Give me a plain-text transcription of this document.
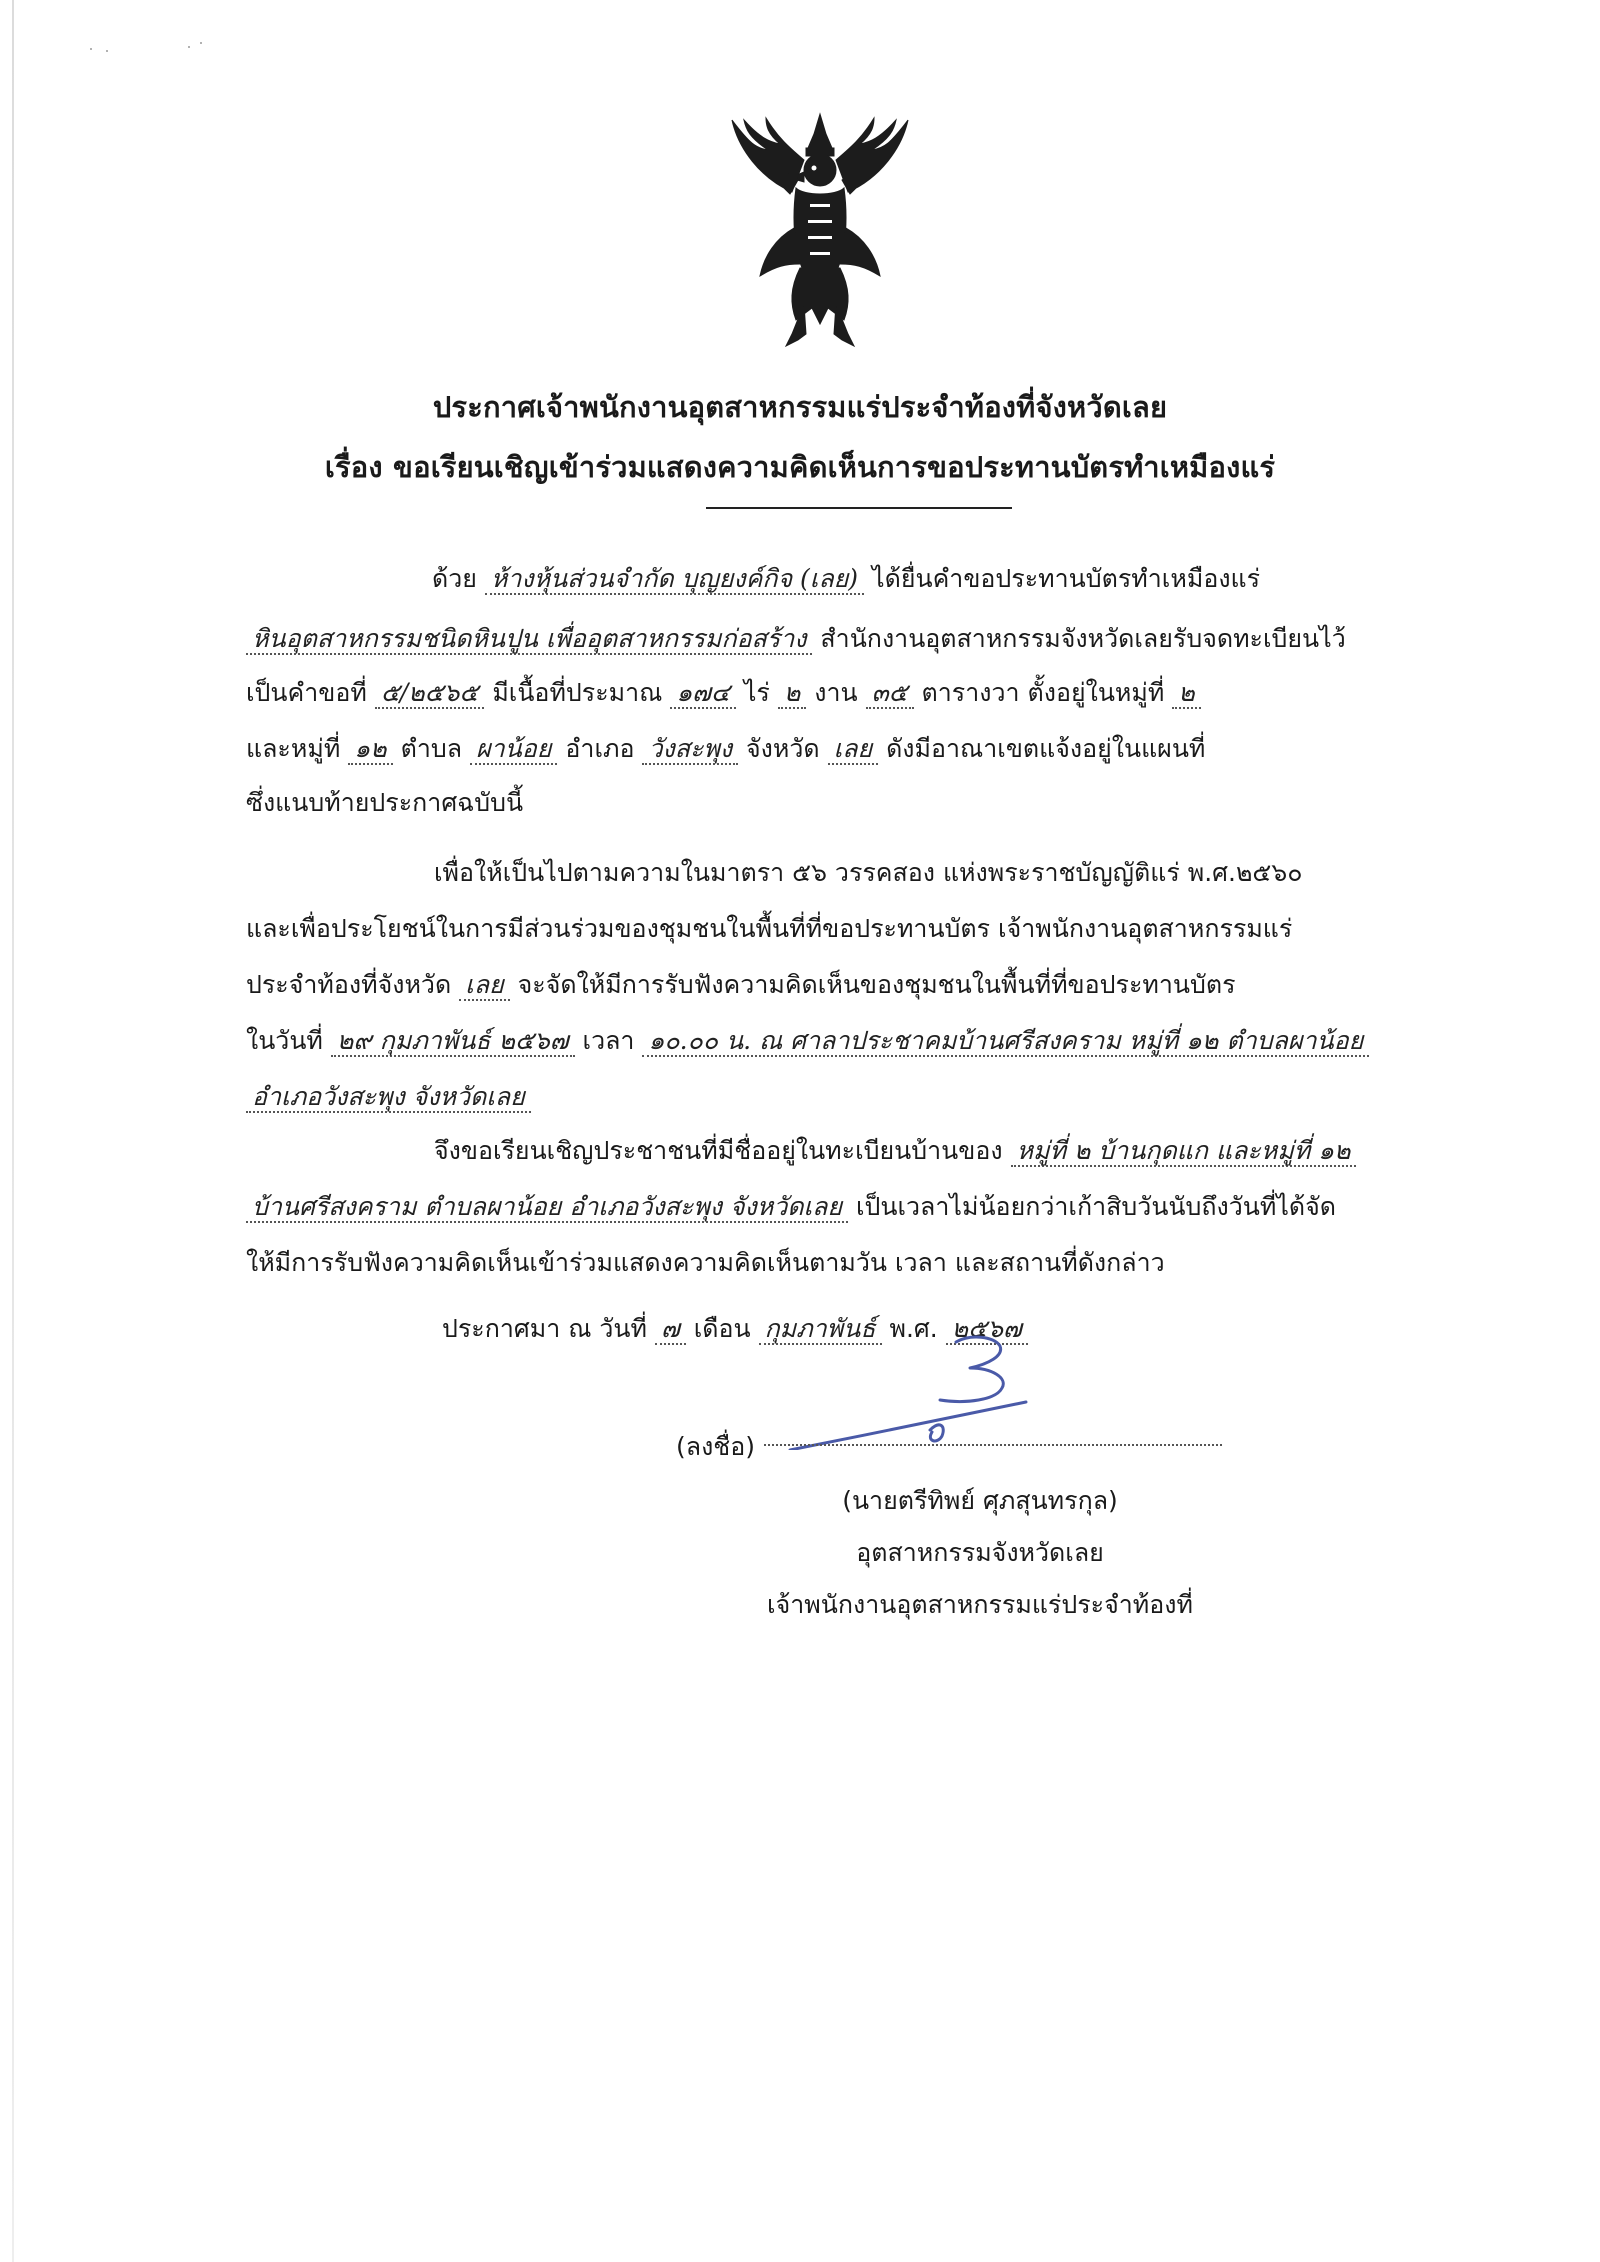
ประกาศเจ้าพนักงานอุตสาหกรรมแร่ประจำท้องที่จังหวัดเลย
เรื่อง ขอเรียนเชิญเข้าร่วมแสดงความคิดเห็นการขอประทานบัตรทำเหมืองแร่
ด้วย ห้างหุ้นส่วนจำกัด บุญยงค์กิจ (เลย) ได้ยื่นคำขอประทานบัตรทำเหมืองแร่
หินอุตสาหกรรมชนิดหินปูน เพื่ออุตสาหกรรมก่อสร้าง สำนักงานอุตสาหกรรมจังหวัดเลยรับจดทะเบียนไว้
เป็นคำขอที่ ๕/๒๕๖๕ มีเนื้อที่ประมาณ ๑๗๔ ไร่ ๒ งาน ๓๕ ตารางวา ตั้งอยู่ในหมู่ที่ ๒
และหมู่ที่ ๑๒ ตำบล ผาน้อย อำเภอ วังสะพุง จังหวัด เลย ดังมีอาณาเขตแจ้งอยู่ในแผนที่
ซึ่งแนบท้ายประกาศฉบับนี้
เพื่อให้เป็นไปตามความในมาตรา ๕๖ วรรคสอง แห่งพระราชบัญญัติแร่ พ.ศ.๒๕๖๐
และเพื่อประโยชน์ในการมีส่วนร่วมของชุมชนในพื้นที่ที่ขอประทานบัตร เจ้าพนักงานอุตสาหกรรมแร่
ประจำท้องที่จังหวัด เลย จะจัดให้มีการรับฟังความคิดเห็นของชุมชนในพื้นที่ที่ขอประทานบัตร
ในวันที่ ๒๙ กุมภาพันธ์ ๒๕๖๗ เวลา ๑๐.๐๐ น. ณ ศาลาประชาคมบ้านศรีสงคราม หมู่ที่ ๑๒ ตำบลผาน้อย
อำเภอวังสะพุง จังหวัดเลย
จึงขอเรียนเชิญประชาชนที่มีชื่ออยู่ในทะเบียนบ้านของ หมู่ที่ ๒ บ้านกุดแก และหมู่ที่ ๑๒
บ้านศรีสงคราม ตำบลผาน้อย อำเภอวังสะพุง จังหวัดเลย เป็นเวลาไม่น้อยกว่าเก้าสิบวันนับถึงวันที่ได้จัด
ให้มีการรับฟังความคิดเห็นเข้าร่วมแสดงความคิดเห็นตามวัน เวลา และสถานที่ดังกล่าว
ประกาศมา ณ วันที่ ๗ เดือน กุมภาพันธ์ พ.ศ. ๒๕๖๗
(ลงชื่อ)
(นายตรีทิพย์ ศุภสุนทรกุล)
อุตสาหกรรมจังหวัดเลย
เจ้าพนักงานอุตสาหกรรมแร่ประจำท้องที่
